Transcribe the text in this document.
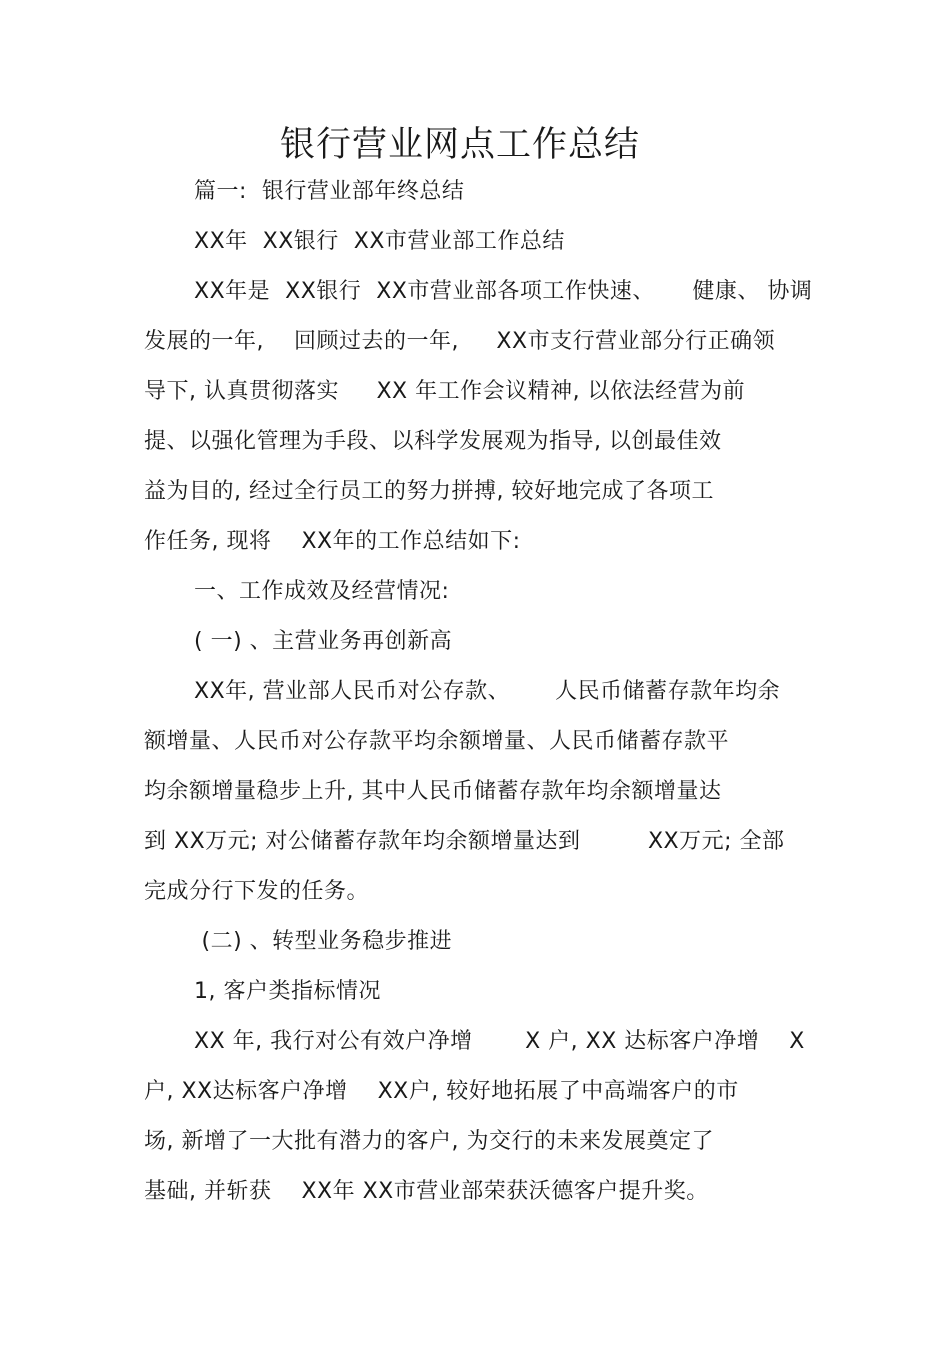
银行营业网点工作总结
篇一:  银行营业部年终总结
XX年  XX银行  XX市营业部工作总结
XX年是  XX银行  XX市营业部各项工作快速、     健康、 协调
发展的一年,    回顾过去的一年,     XX市支行营业部分行正确领
导下, 认真贯彻落实     XX 年工作会议精神, 以依法经营为前
提、以强化管理为手段、以科学发展观为指导, 以创最佳效
益为目的, 经过全行员工的努力拼搏, 较好地完成了各项工
作任务, 现将    XX年的工作总结如下:
一、工作成效及经营情况:
( 一) 、主营业务再创新高
XX年, 营业部人民币对公存款、      人民币储蓄存款年均余
额增量、人民币对公存款平均余额增量、人民币储蓄存款平
均余额增量稳步上升, 其中人民币储蓄存款年均余额增量达
到 XX万元; 对公储蓄存款年均余额增量达到         XX万元; 全部
完成分行下发的任务。
(二) 、转型业务稳步推进
1, 客户类指标情况
XX 年, 我行对公有效户净增       X 户, XX 达标客户净增    X
户, XX达标客户净增    XX户, 较好地拓展了中高端客户的市
场, 新增了一大批有潜力的客户, 为交行的未来发展奠定了
基础, 并斩获    XX年 XX市营业部荣获沃德客户提升奖。
